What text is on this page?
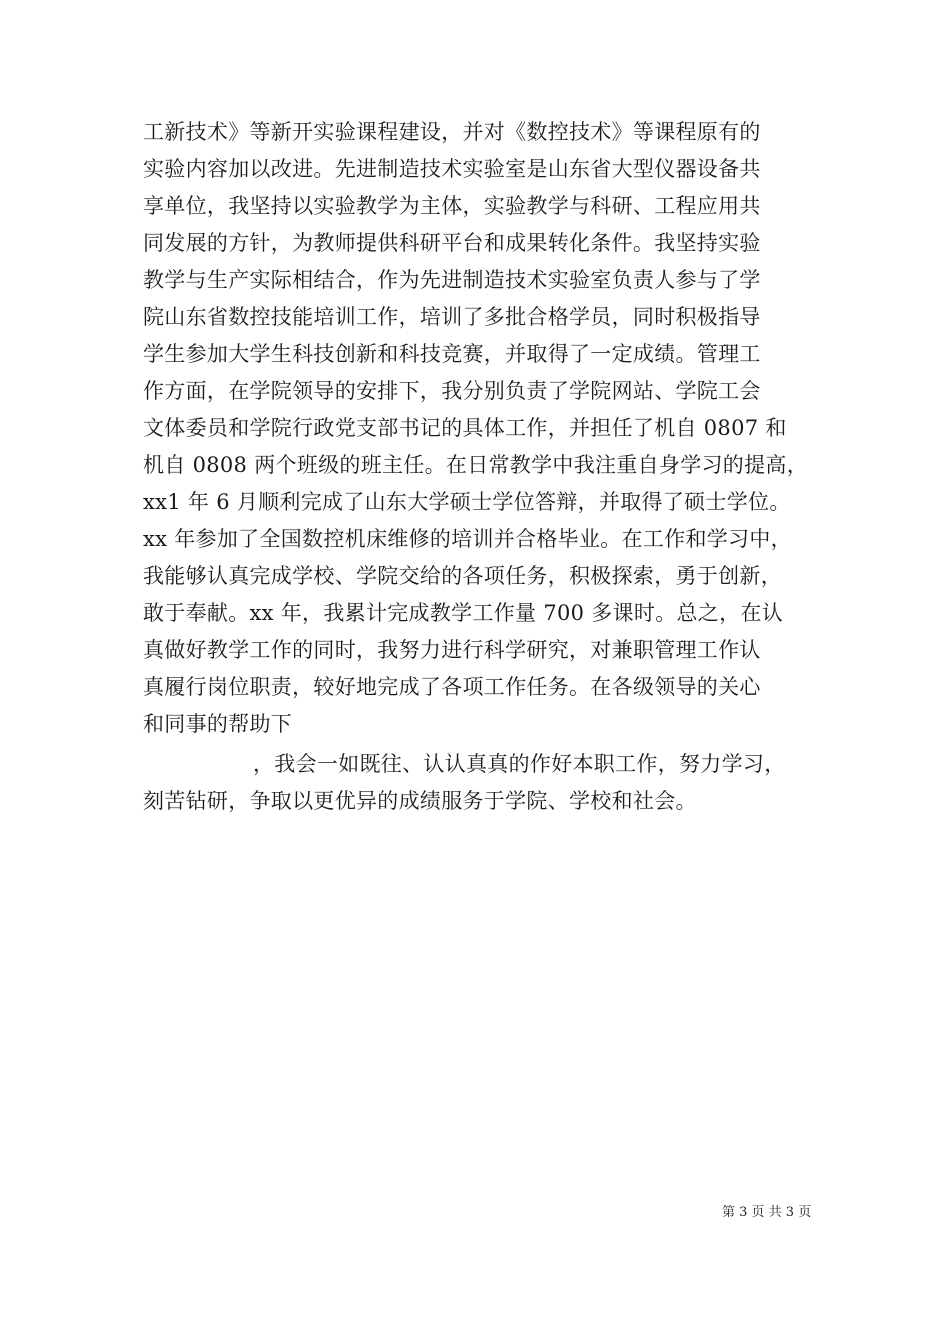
工新技术》等新开实验课程建设，并对《数控技术》等课程原有的
实验内容加以改进。先进制造技术实验室是山东省大型仪器设备共
享单位，我坚持以实验教学为主体，实验教学与科研、工程应用共
同发展的方针，为教师提供科研平台和成果转化条件。我坚持实验
教学与生产实际相结合，作为先进制造技术实验室负责人参与了学
院山东省数控技能培训工作，培训了多批合格学员，同时积极指导
学生参加大学生科技创新和科技竞赛，并取得了一定成绩。管理工
作方面，在学院领导的安排下，我分别负责了学院网站、学院工会
文体委员和学院行政党支部书记的具体工作，并担任了机自 0807 和
机自 0808 两个班级的班主任。在日常教学中我注重自身学习的提高，
xx1 年 6 月顺利完成了山东大学硕士学位答辩，并取得了硕士学位。
xx 年参加了全国数控机床维修的培训并合格毕业。在工作和学习中，
我能够认真完成学校、学院交给的各项任务，积极探索，勇于创新，
敢于奉献。xx 年，我累计完成教学工作量 700 多课时。总之，在认
真做好教学工作的同时，我努力进行科学研究，对兼职管理工作认
真履行岗位职责，较好地完成了各项工作任务。在各级领导的关心
和同事的帮助下
，我会一如既往、认认真真的作好本职工作，努力学习，
刻苦钻研，争取以更优异的成绩服务于学院、学校和社会。
第 3 页 共 3 页
